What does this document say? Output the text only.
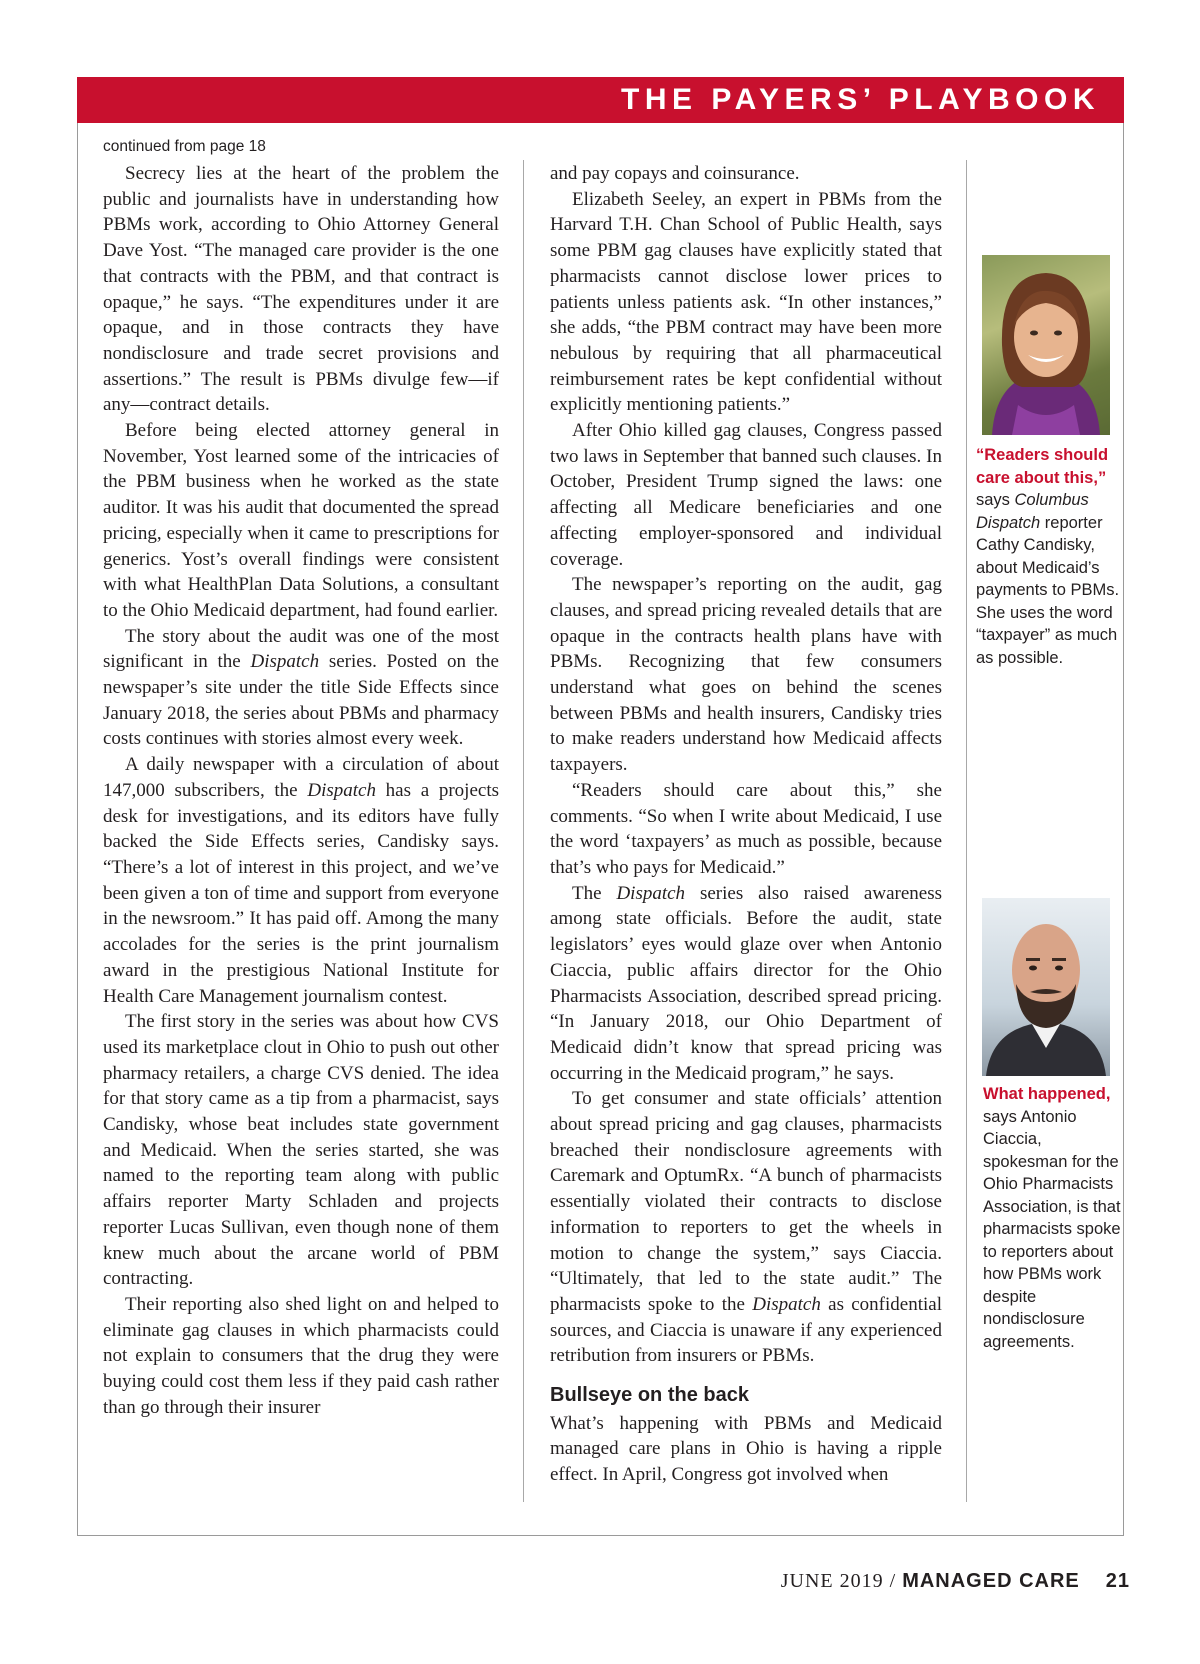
THE PAYERS’ PLAYBOOK
continued from page 18

Secrecy lies at the heart of the problem the public and journalists have in understanding how PBMs work, according to Ohio Attorney General Dave Yost. “The managed care provider is the one that contracts with the PBM, and that contract is opaque,” he says. “The expenditures under it are opaque, and in those contracts they have nondisclosure and trade secret provisions and assertions.” The result is PBMs divulge few—if any—contract details.

Before being elected attorney general in November, Yost learned some of the intricacies of the PBM business when he worked as the state auditor. It was his audit that documented the spread pricing, especially when it came to prescriptions for generics. Yost’s overall findings were consistent with what HealthPlan Data Solutions, a consultant to the Ohio Medicaid department, had found earlier.

The story about the audit was one of the most significant in the Dispatch series. Posted on the newspaper’s site under the title Side Effects since January 2018, the series about PBMs and pharmacy costs continues with stories almost every week.

A daily newspaper with a circulation of about 147,000 subscribers, the Dispatch has a projects desk for investigations, and its editors have fully backed the Side Effects series, Candisky says. “There’s a lot of interest in this project, and we’ve been given a ton of time and support from everyone in the newsroom.” It has paid off. Among the many accolades for the series is the print journalism award in the prestigious National Institute for Health Care Management journalism contest.

The first story in the series was about how CVS used its marketplace clout in Ohio to push out other pharmacy retailers, a charge CVS denied. The idea for that story came as a tip from a pharmacist, says Candisky, whose beat includes state government and Medicaid. When the series started, she was named to the reporting team along with public affairs reporter Marty Schladen and projects reporter Lucas Sullivan, even though none of them knew much about the arcane world of PBM contracting.

Their reporting also shed light on and helped to eliminate gag clauses in which pharmacists could not explain to consumers that the drug they were buying could cost them less if they paid cash rather than go through their insurer

and pay copays and coinsurance.

Elizabeth Seeley, an expert in PBMs from the Harvard T.H. Chan School of Public Health, says some PBM gag clauses have explicitly stated that pharmacists cannot disclose lower prices to patients unless patients ask. “In other instances,” she adds, “the PBM contract may have been more nebulous by requiring that all pharmaceutical reimbursement rates be kept confidential without explicitly mentioning patients.”

After Ohio killed gag clauses, Congress passed two laws in September that banned such clauses. In October, President Trump signed the laws: one affecting all Medicare beneficiaries and one affecting employer-sponsored and individual coverage.

The newspaper’s reporting on the audit, gag clauses, and spread pricing revealed details that are opaque in the contracts health plans have with PBMs. Recognizing that few consumers understand what goes on behind the scenes between PBMs and health insurers, Candisky tries to make readers understand how Medicaid affects taxpayers.

“Readers should care about this,” she comments. “So when I write about Medicaid, I use the word ‘taxpayers’ as much as possible, because that’s who pays for Medicaid.”

The Dispatch series also raised awareness among state officials. Before the audit, state legislators’ eyes would glaze over when Antonio Ciaccia, public affairs director for the Ohio Pharmacists Association, described spread pricing. “In January 2018, our Ohio Department of Medicaid didn’t know that spread pricing was occurring in the Medicaid program,” he says.

To get consumer and state officials’ attention about spread pricing and gag clauses, pharmacists breached their nondisclosure agreements with Caremark and OptumRx. “A bunch of pharmacists essentially violated their contracts to disclose information to reporters to get the wheels in motion to change the system,” says Ciaccia. “Ultimately, that led to the state audit.” The pharmacists spoke to the Dispatch as confidential sources, and Ciaccia is unaware if any experienced retribution from insurers or PBMs.

Bullseye on the back

What’s happening with PBMs and Medicaid managed care plans in Ohio is having a ripple effect. In April, Congress got involved when

“Readers should care about this,” says Columbus Dispatch reporter Cathy Candisky, about Medicaid’s payments to PBMs. She uses the word “taxpayer” as much as possible.
What happened, says Antonio Ciaccia, spokesman for the Ohio Pharmacists Association, is that pharmacists spoke to reporters about how PBMs work despite nondisclosure agreements.
JUNE 2019 / MANAGED CARE 21
